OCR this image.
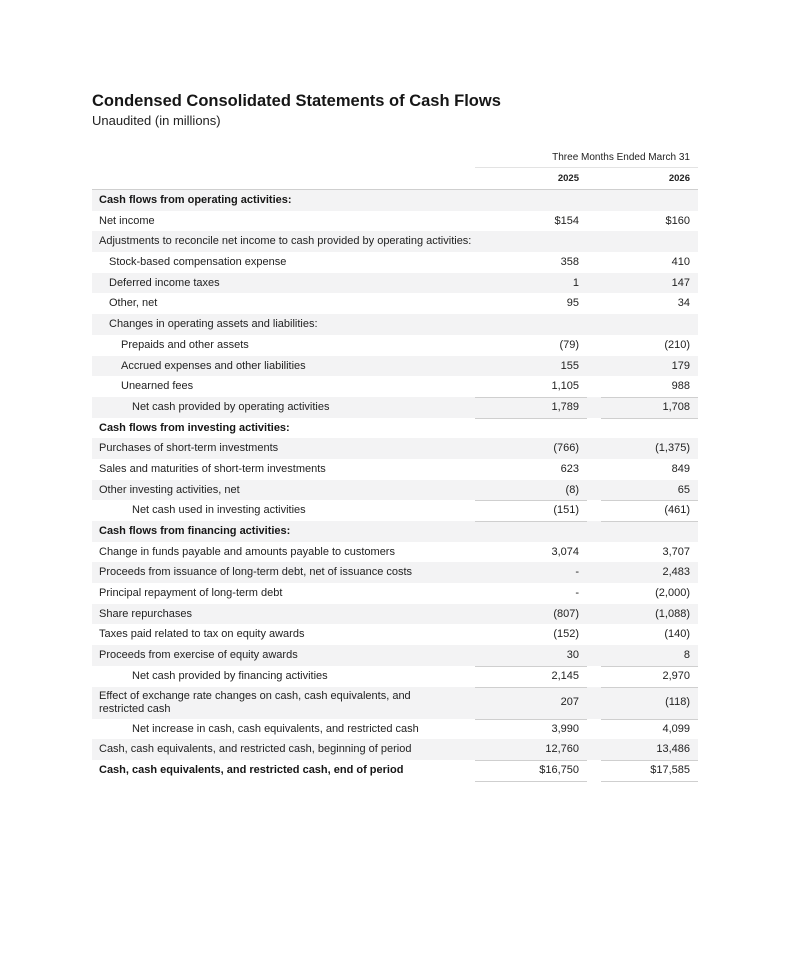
Condensed Consolidated Statements of Cash Flows

Unaudited (in millions)

Three Months Ended March 31
2025	2026
Cash flows from operating activities:
Net income	$154	$160
Adjustments to reconcile net income to cash provided by operating activities:
Stock-based compensation expense	358	410
Deferred income taxes	1	147
Other, net	95	34
Changes in operating assets and liabilities:
Prepaids and other assets	(79)	(210)
Accrued expenses and other liabilities	155	179
Unearned fees	1,105	988
Net cash provided by operating activities	1,789	1,708
Cash flows from investing activities:
Purchases of short-term investments	(766)	(1,375)
Sales and maturities of short-term investments	623	849
Other investing activities, net	(8)	65
Net cash used in investing activities	(151)	(461)
Cash flows from financing activities:
Change in funds payable and amounts payable to customers	3,074	3,707
Proceeds from issuance of long-term debt, net of issuance costs	-	2,483
Principal repayment of long-term debt	-	(2,000)
Share repurchases	(807)	(1,088)
Taxes paid related to tax on equity awards	(152)	(140)
Proceeds from exercise of equity awards	30	8
Net cash provided by financing activities	2,145	2,970
Effect of exchange rate changes on cash, cash equivalents, and restricted cash
207	(118)
Net increase in cash, cash equivalents, and restricted cash	3,990	4,099
Cash, cash equivalents, and restricted cash, beginning of period	12,760	13,486
Cash, cash equivalents, and restricted cash, end of period	$16,750	$17,585
